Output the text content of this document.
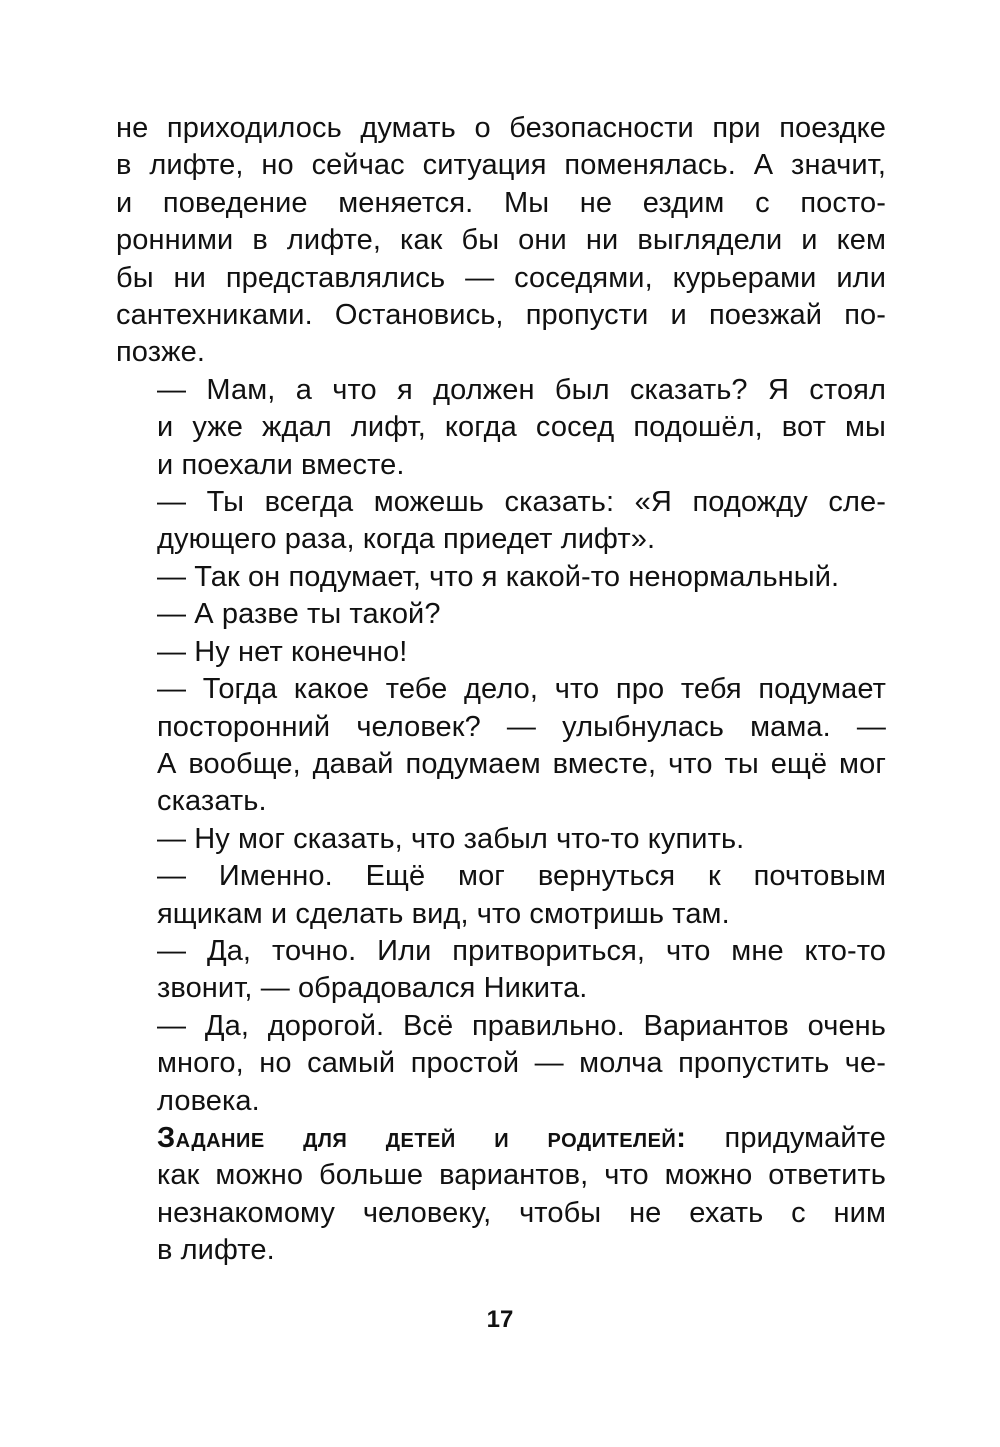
не приходилось думать о безопасности при поездке
в лифте, но сейчас ситуация поменялась. А значит,
и поведение меняется. Мы не ездим с посто-
ронними в лифте, как бы они ни выглядели и кем
бы ни представлялись — соседями, курьерами или
сантехниками. Остановись, пропусти и поезжай по-
позже.

— Мам, а что я должен был сказать? Я стоял
и уже ждал лифт, когда сосед подошёл, вот мы
и поехали вместе.

— Ты всегда можешь сказать: «Я подожду сле-
дующего раза, когда приедет лифт».

— Так он подумает, что я какой-то ненормальный.

— А разве ты такой?

— Ну нет конечно!

— Тогда какое тебе дело, что про тебя подумает
посторонний человек? — улыбнулась мама. —
А вообще, давай подумаем вместе, что ты ещё мог
сказать.

— Ну мог сказать, что забыл что-то купить.

— Именно. Ещё мог вернуться к почтовым
ящикам и сделать вид, что смотришь там.

— Да, точно. Или притвориться, что мне кто-то
звонит, — обрадовался Никита.

— Да, дорогой. Всё правильно. Вариантов очень
много, но самый простой — молча пропустить че-
ловека.

Задание для детей и родителей: придумайте
как можно больше вариантов, что можно ответить
незнакомому человеку, чтобы не ехать с ним
в лифте.

17
